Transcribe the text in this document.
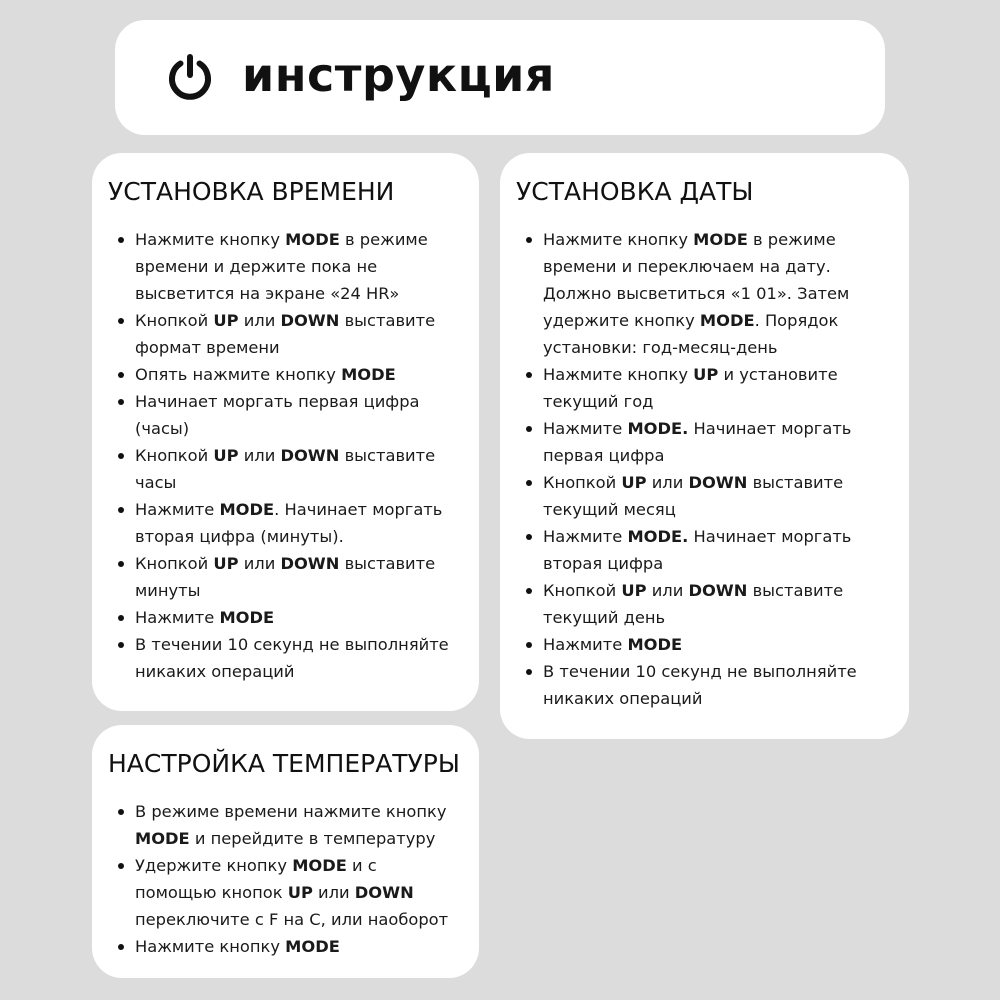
инструкция
УСТАНОВКА ВРЕМЕНИ
Нажмите кнопку MODE в режиме
времени и держите пока не
высветится на экране «24 HR»
Кнопкой UP или DOWN выставите
формат времени
Опять нажмите кнопку MODE
Начинает моргать первая цифра
(часы)
Кнопкой UP или DOWN выставите
часы
Нажмите MODE. Начинает моргать
вторая цифра (минуты).
Кнопкой UP или DOWN выставите
минуты
Нажмите MODE
В течении 10 секунд не выполняйте
никаких операций
УСТАНОВКА ДАТЫ
Нажмите кнопку MODE в режиме
времени и переключаем на дату.
Должно высветиться «1 01». Затем
удержите кнопку MODE. Порядок
установки: год-месяц-день
Нажмите кнопку UP и установите
текущий год
Нажмите MODE. Начинает моргать
первая цифра
Кнопкой UP или DOWN выставите
текущий месяц
Нажмите MODE. Начинает моргать
вторая цифра
Кнопкой UP или DOWN выставите
текущий день
Нажмите MODE
В течении 10 секунд не выполняйте
никаких операций
НАСТРОЙКА ТЕМПЕРАТУРЫ
В режиме времени нажмите кнопку
MODE и перейдите в температуру
Удержите кнопку MODE и с
помощью кнопок UP или DOWN
переключите с F на C, или наоборот
Нажмите кнопку MODE
